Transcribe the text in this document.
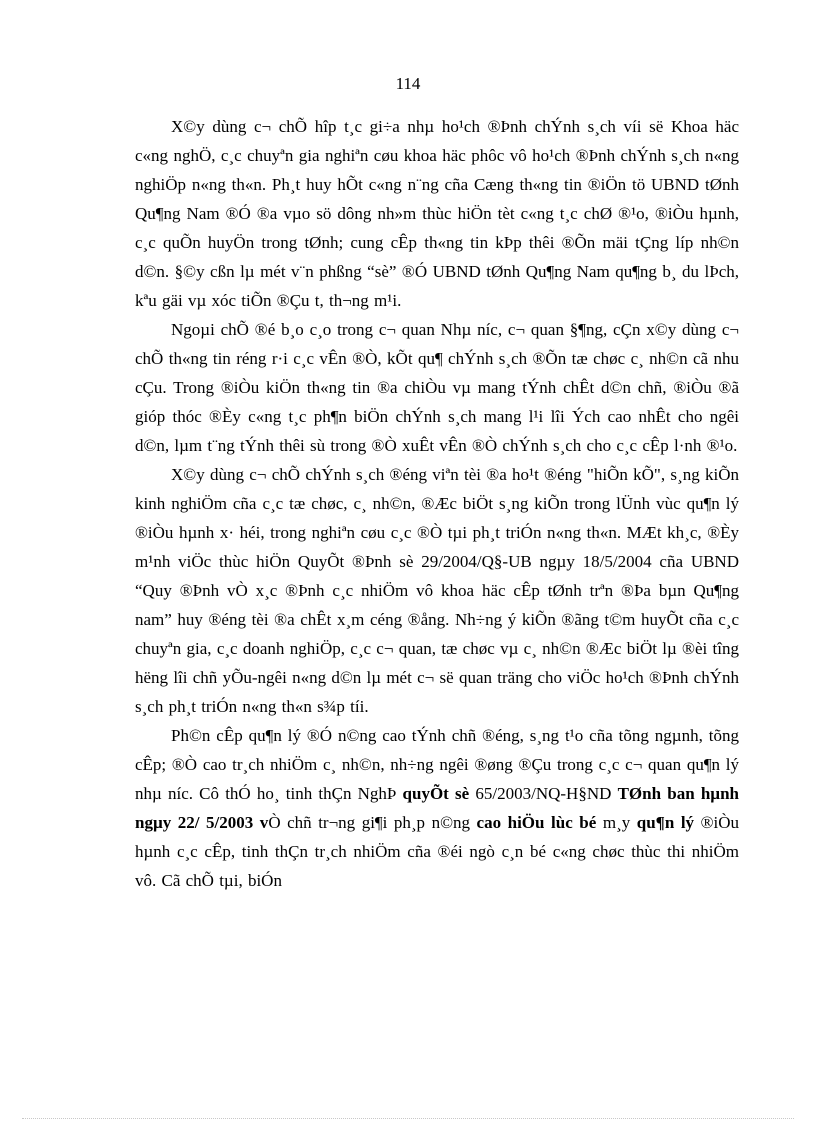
114

X©y dùng c¬ chÕ hîp t¸c gi÷a nhµ ho¹ch ®Þnh chÝnh s¸ch víi së Khoa häc c«ng nghÖ, c¸c chuyªn gia nghiªn cøu khoa häc phôc vô ho¹ch ®Þnh chÝnh s¸ch n«ng nghiÖp n«ng th«n. Ph¸t huy hÕt c«ng n¨ng cña Cæng th«ng tin ®iÖn tö UBND tØnh Qu¶ng Nam ®Ó ®a vµo sö dông nh»m thùc hiÖn tèt c«ng t¸c chØ ®¹o, ®iÒu hµnh, c¸c quÕn huyÖn trong tØnh; cung cÊp th«ng tin kÞp thêi ®Õn mäi tÇng líp nh©n d©n. §©y cßn lµ mét v¨n phßng “sè” ®Ó UBND tØnh Qu¶ng Nam qu¶ng b¸ du lÞch, kªu gäi vµ xóc tiÕn ®Çu t, th¬ng m¹i.

Ngoµi chÕ ®é b¸o c¸o trong c¬ quan Nhµ níc, c¬ quan §¶ng, cÇn x©y dùng c¬ chÕ th«ng tin réng r·i c¸c vÊn ®Ò, kÕt qu¶ chÝnh s¸ch ®Õn tæ chøc c¸ nh©n cã nhu cÇu. Trong ®iÒu kiÖn th«ng tin ®a chiÒu vµ mang tÝnh chÊt d©n chñ, ®iÒu ®ã gióp thóc ®Èy c«ng t¸c ph¶n biÖn chÝnh s¸ch mang l¹i lîi Ých cao nhÊt cho ngêi d©n, lµm t¨ng tÝnh thêi sù trong ®Ò xuÊt vÊn ®Ò chÝnh s¸ch cho c¸c cÊp l·nh ®¹o.

X©y dùng c¬ chÕ chÝnh s¸ch ®éng viªn tèi ®a ho¹t ®éng "hiÕn kÕ", s¸ng kiÕn kinh nghiÖm cña c¸c tæ chøc, c¸ nh©n, ®Æc biÖt s¸ng kiÕn trong lÜnh vùc qu¶n lý ®iÒu hµnh x· héi, trong nghiªn cøu c¸c ®Ò tµi ph¸t triÓn n«ng th«n. MÆt kh¸c, ®Èy m¹nh viÖc thùc hiÖn QuyÕt ®Þnh sè 29/2004/Q§-UB ngµy 18/5/2004 cña UBND “Quy ®Þnh vÒ x¸c ®Þnh c¸c nhiÖm vô khoa häc cÊp tØnh trªn ®Þa bµn Qu¶ng nam” huy ®éng tèi ®a chÊt x¸m céng ®ång. Nh÷ng ý kiÕn ®ãng t©m huyÕt cña c¸c chuyªn gia, c¸c doanh nghiÖp, c¸c c¬ quan, tæ chøc vµ c¸ nh©n ®Æc biÖt lµ ®èi tîng hëng lîi chñ yÕu-ngêi n«ng d©n lµ mét c¬ së quan träng cho viÖc ho¹ch ®Þnh chÝnh s¸ch ph¸t triÓn n«ng th«n s¾p tíi.

Ph©n cÊp qu¶n lý ®Ó n©ng cao tÝnh chñ ®éng, s¸ng t¹o cña tõng ngµnh, tõng cÊp; ®Ò cao tr¸ch nhiÖm c¸ nh©n, nh÷ng ngêi ®øng ®Çu trong c¸c c¬ quan qu¶n lý nhµ níc. Cô thÓ ho¸ tinh thÇn NghÞ quyÕt sè 65/2003/NQ-H§ND TØnh ban hµnh ngµy 22/ 5/2003 vÒ chñ tr¬ng gi¶i ph¸p n©ng cao hiÖu lùc bé m¸y qu¶n lý ®iÒu hµnh c¸c cÊp, tinh thÇn tr¸ch nhiÖm cña ®éi ngò c¸n bé c«ng chøc thùc thi nhiÖm vô. Cã chÕ tµi, biÓn
